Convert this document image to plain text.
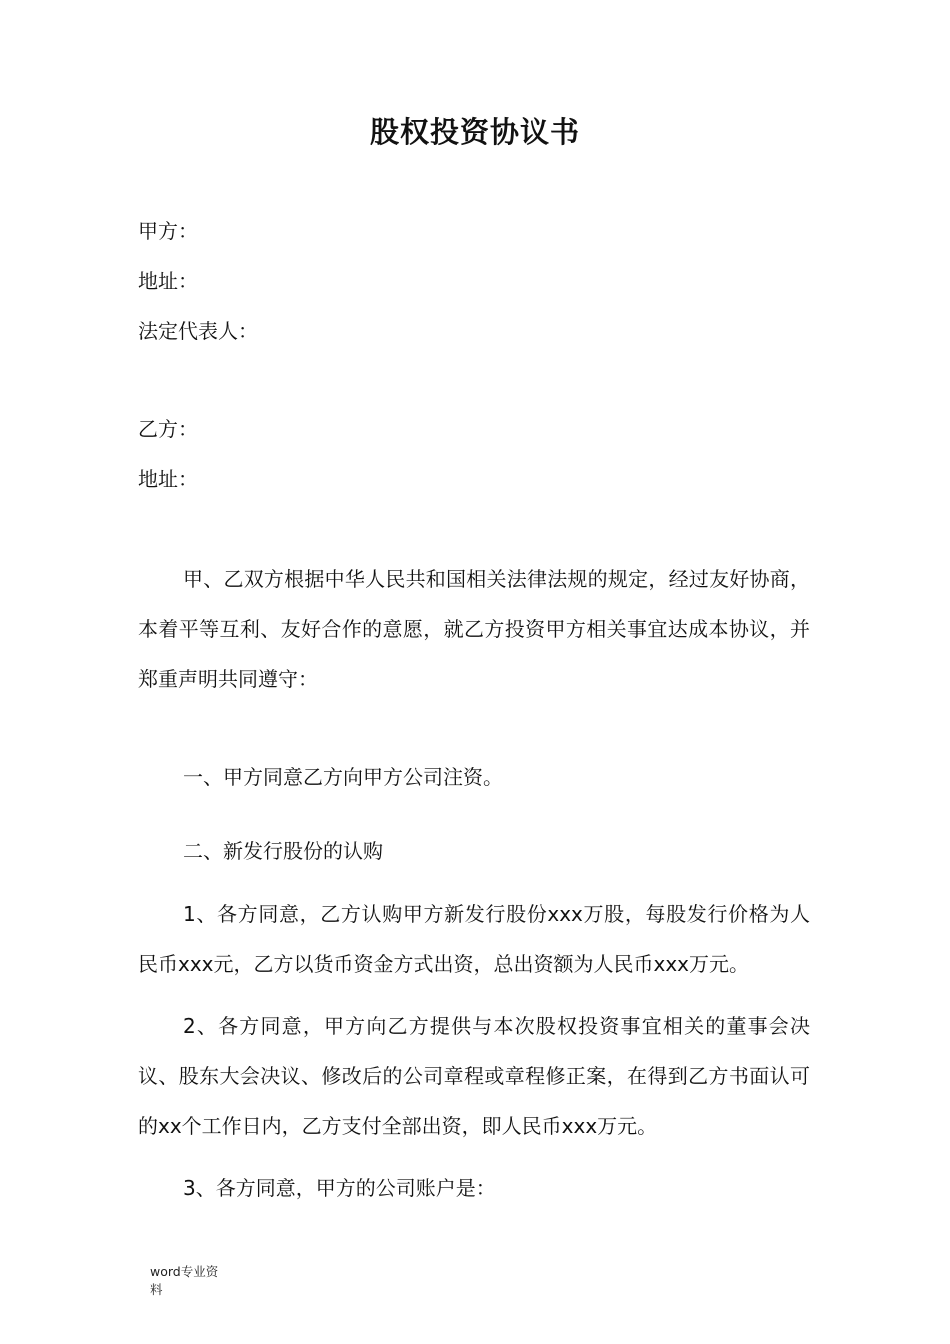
股权投资协议书
甲方：
地址：
法定代表人：
乙方：
地址：
甲、乙双方根据中华人民共和国相关法律法规的规定，经过友好协商，本着平等互利、友好合作的意愿，就乙方投资甲方相关事宜达成本协议，并郑重声明共同遵守：
一、甲方同意乙方向甲方公司注资。
二、新发行股份的认购
1、各方同意，乙方认购甲方新发行股份xxx万股，每股发行价格为人民币xxx元，乙方以货币资金方式出资，总出资额为人民币xxx万元。
2、各方同意，甲方向乙方提供与本次股权投资事宜相关的董事会决议、股东大会决议、修改后的公司章程或章程修正案，在得到乙方书面认可的xx个工作日内，乙方支付全部出资，即人民币xxx万元。
3、各方同意，甲方的公司账户是：
word专业资料
